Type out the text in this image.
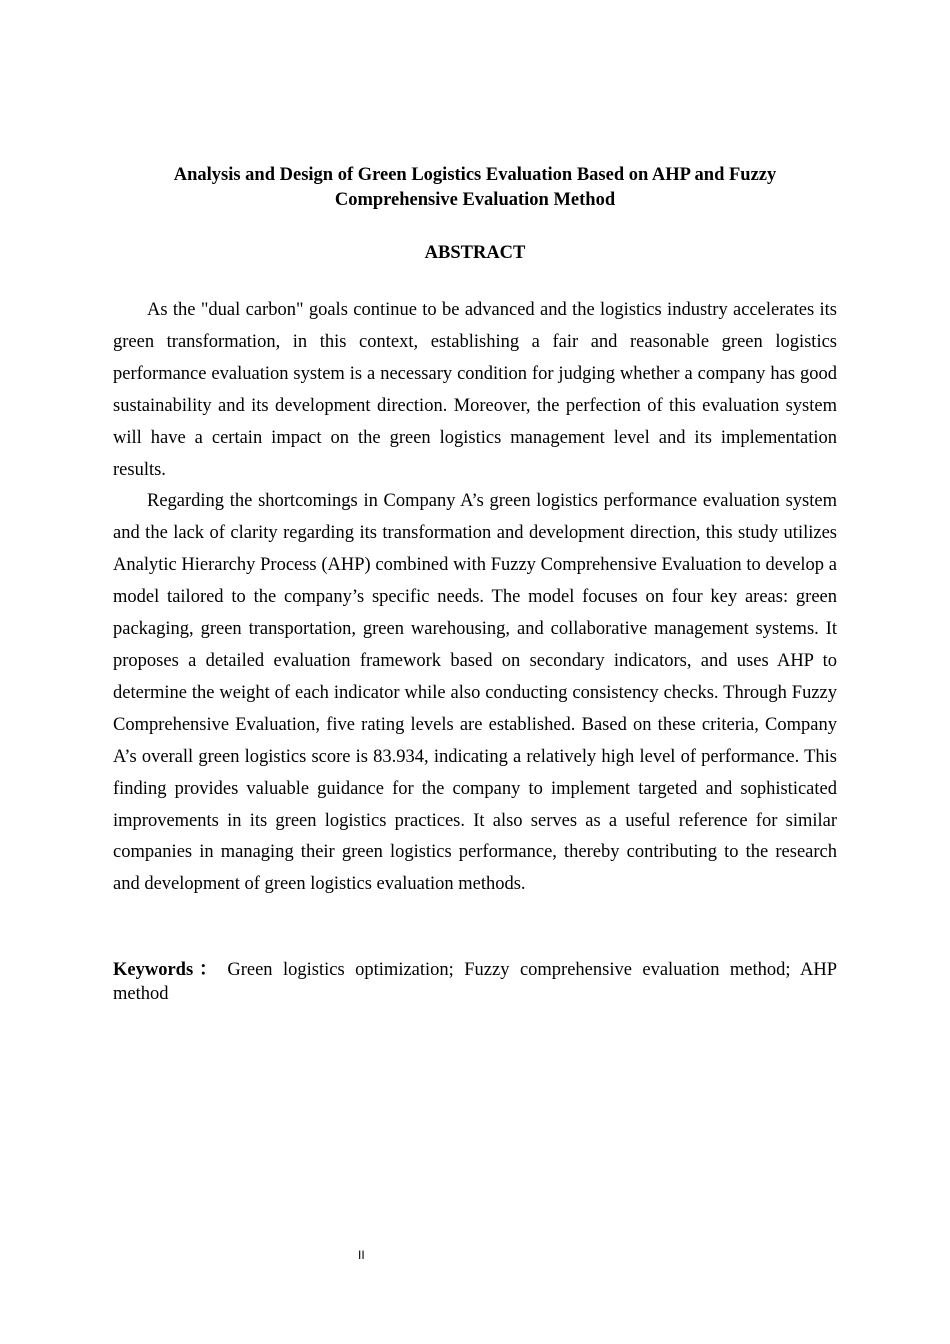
Analysis and Design of Green Logistics Evaluation Based on AHP and Fuzzy Comprehensive Evaluation Method
ABSTRACT

As the "dual carbon" goals continue to be advanced and the logistics industry accelerates its green transformation, in this context, establishing a fair and reasonable green logistics performance evaluation system is a necessary condition for judging whether a company has good sustainability and its development direction. Moreover, the perfection of this evaluation system will have a certain impact on the green logistics management level and its implementation results.

Regarding the shortcomings in Company A’s green logistics performance evaluation system and the lack of clarity regarding its transformation and development direction, this study utilizes Analytic Hierarchy Process (AHP) combined with Fuzzy Comprehensive Evaluation to develop a model tailored to the company’s specific needs. The model focuses on four key areas: green packaging, green transportation, green warehousing, and collaborative management systems. It proposes a detailed evaluation framework based on secondary indicators, and uses AHP to determine the weight of each indicator while also conducting consistency checks. Through Fuzzy Comprehensive Evaluation, five rating levels are established. Based on these criteria, Company A’s overall green logistics score is 83.934, indicating a relatively high level of performance. This finding provides valuable guidance for the company to implement targeted and sophisticated improvements in its green logistics practices. It also serves as a useful reference for similar companies in managing their green logistics performance, thereby contributing to the research and development of green logistics evaluation methods.

Keywords： Green logistics optimization; Fuzzy comprehensive evaluation method; AHP method
II
